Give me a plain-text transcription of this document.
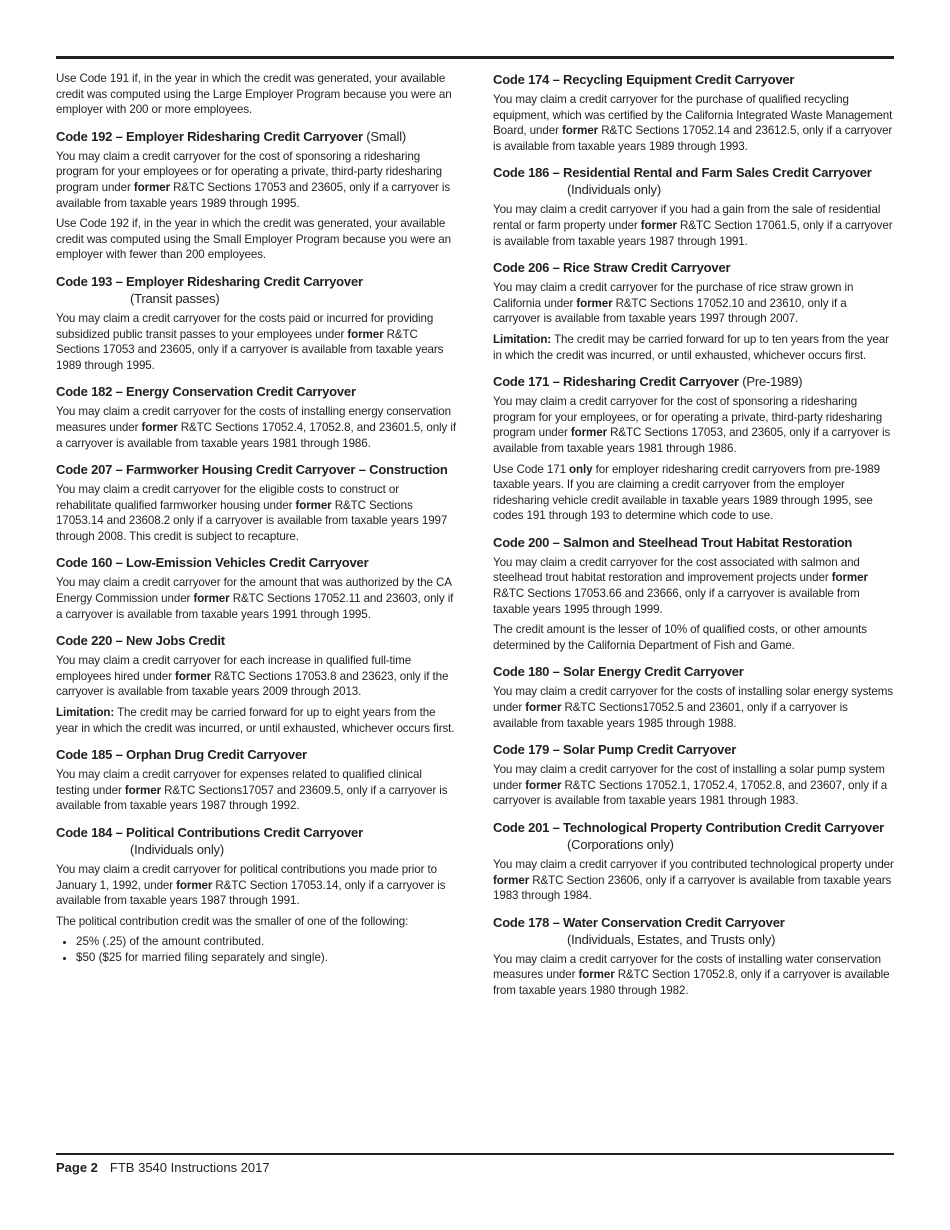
Use Code 191 if, in the year in which the credit was generated, your available credit was computed using the Large Employer Program because you were an employer with 200 or more employees.

Code 192 – Employer Ridesharing Credit Carryover (Small)

You may claim a credit carryover for the cost of sponsoring a ridesharing program for your employees or for operating a private, third-party ridesharing program under former R&TC Sections 17053 and 23605, only if a carryover is available from taxable years 1989 through 1995.

Use Code 192 if, in the year in which the credit was generated, your available credit was computed using the Small Employer Program because you were an employer with fewer than 200 employees.

Code 193 – Employer Ridesharing Credit Carryover
(Transit passes)

You may claim a credit carryover for the costs paid or incurred for providing subsidized public transit passes to your employees under former R&TC Sections 17053 and 23605, only if a carryover is available from taxable years 1989 through 1995.

Code 182 – Energy Conservation Credit Carryover

You may claim a credit carryover for the costs of installing energy conservation measures under former R&TC Sections 17052.4, 17052.8, and 23601.5, only if a carryover is available from taxable years 1981 through 1986.

Code 207 – Farmworker Housing Credit Carryover – Construction

You may claim a credit carryover for the eligible costs to construct or rehabilitate qualified farmworker housing under former R&TC Sections 17053.14 and 23608.2 only if a carryover is available from taxable years 1997 through 2008. This credit is subject to recapture.

Code 160 – Low-Emission Vehicles Credit Carryover

You may claim a credit carryover for the amount that was authorized by the CA Energy Commission under former R&TC Sections 17052.11 and 23603, only if a carryover is available from taxable years 1991 through 1995.

Code 220 – New Jobs Credit

You may claim a credit carryover for each increase in qualified full-time employees hired under former R&TC Sections 17053.8 and 23623, only if the carryover is available from taxable years 2009 through 2013.

Limitation: The credit may be carried forward for up to eight years from the year in which the credit was incurred, or until exhausted, whichever occurs first.

Code 185 – Orphan Drug Credit Carryover

You may claim a credit carryover for expenses related to qualified clinical testing under former R&TC Sections17057 and 23609.5, only if a carryover is available from taxable years 1987 through 1992.

Code 184 – Political Contributions Credit Carryover
(Individuals only)

You may claim a credit carryover for political contributions you made prior to January 1, 1992, under former R&TC Section 17053.14, only if a carryover is available from taxable years 1987 through 1991.

The political contribution credit was the smaller of one of the following:

• 25% (.25) of the amount contributed.
• $50 ($25 for married filing separately and single).
Code 174 – Recycling Equipment Credit Carryover

You may claim a credit carryover for the purchase of qualified recycling equipment, which was certified by the California Integrated Waste Management Board, under former R&TC Sections 17052.14 and 23612.5, only if a carryover is available from taxable years 1989 through 1993.

Code 186 – Residential Rental and Farm Sales Credit Carryover
(Individuals only)

You may claim a credit carryover if you had a gain from the sale of residential rental or farm property under former R&TC Section 17061.5, only if a carryover is available from taxable years 1987 through 1991.

Code 206 – Rice Straw Credit Carryover

You may claim a credit carryover for the purchase of rice straw grown in California under former R&TC Sections 17052.10 and 23610, only if a carryover is available from taxable years 1997 through 2007.

Limitation: The credit may be carried forward for up to ten years from the year in which the credit was incurred, or until exhausted, whichever occurs first.

Code 171 – Ridesharing Credit Carryover (Pre-1989)

You may claim a credit carryover for the cost of sponsoring a ridesharing program for your employees, or for operating a private, third-party ridesharing program under former R&TC Sections 17053, and 23605, only if a carryover is available from taxable years 1981 through 1986.

Use Code 171 only for employer ridesharing credit carryovers from pre-1989 taxable years. If you are claiming a credit carryover from the employer ridesharing vehicle credit available in taxable years 1989 through 1995, see codes 191 through 193 to determine which code to use.

Code 200 – Salmon and Steelhead Trout Habitat Restoration

You may claim a credit carryover for the cost associated with salmon and steelhead trout habitat restoration and improvement projects under former R&TC Sections 17053.66 and 23666, only if a carryover is available from taxable years 1995 through 1999.

The credit amount is the lesser of 10% of qualified costs, or other amounts determined by the California Department of Fish and Game.

Code 180 – Solar Energy Credit Carryover

You may claim a credit carryover for the costs of installing solar energy systems under former R&TC Sections17052.5 and 23601, only if a carryover is available from taxable years 1985 through 1988.

Code 179 – Solar Pump Credit Carryover

You may claim a credit carryover for the cost of installing a solar pump system under former R&TC Sections 17052.1, 17052.4, 17052.8, and 23607, only if a carryover is available from taxable years 1981 through 1983.

Code 201 – Technological Property Contribution Credit Carryover
(Corporations only)

You may claim a credit carryover if you contributed technological property under former R&TC Section 23606, only if a carryover is available from taxable years 1983 through 1984.

Code 178 – Water Conservation Credit Carryover
(Individuals, Estates, and Trusts only)

You may claim a credit carryover for the costs of installing water conservation measures under former R&TC Section 17052.8, only if a carryover is available from taxable years 1980 through 1982.

Page 2 FTB 3540 Instructions 2017
